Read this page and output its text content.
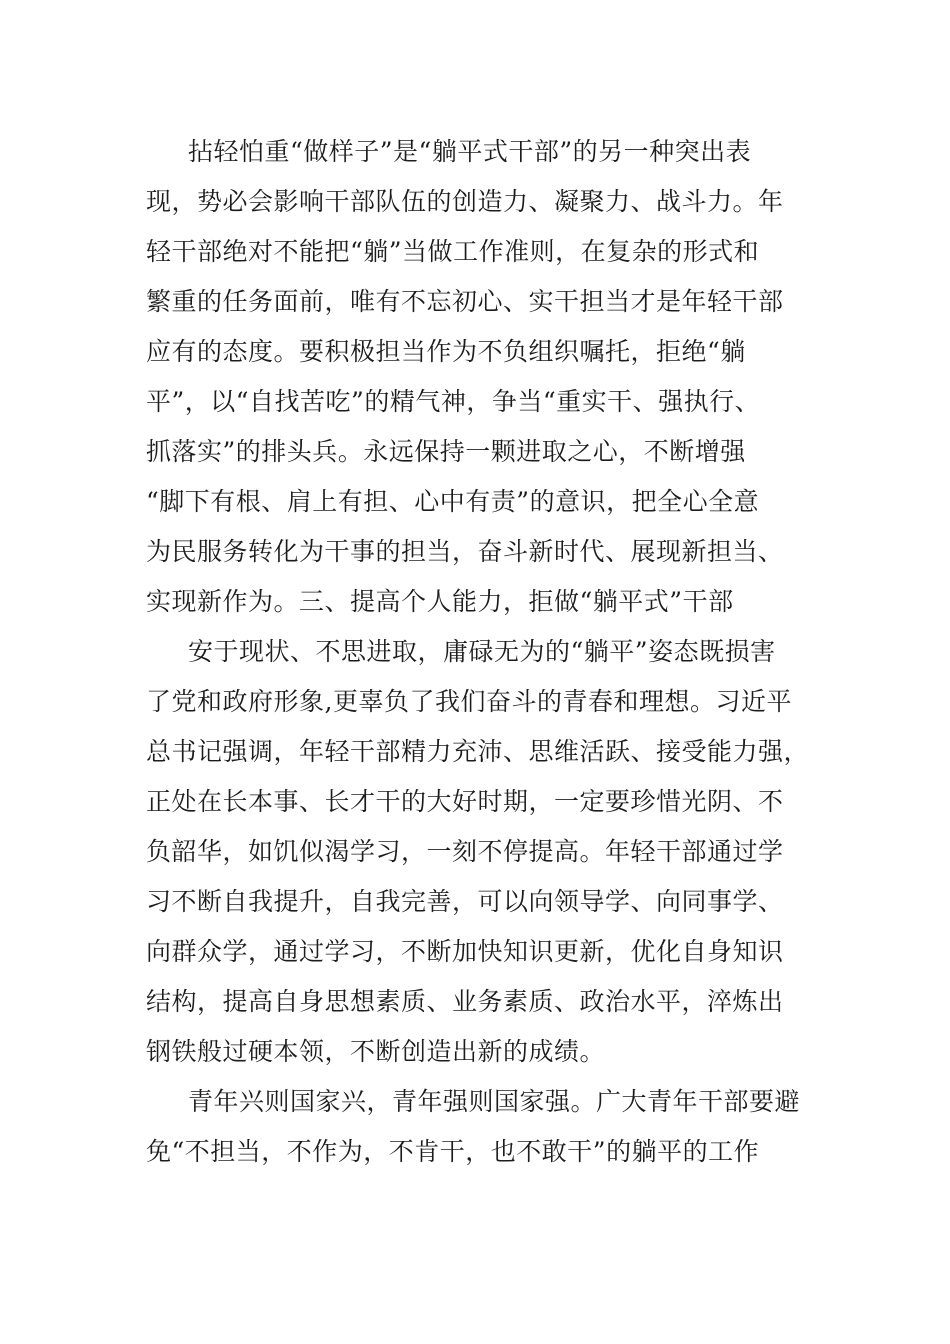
拈轻怕重“做样子”是“躺平式干部”的另一种突出表
现，势必会影响干部队伍的创造力、凝聚力、战斗力。年
轻干部绝对不能把“躺”当做工作准则，在复杂的形式和
繁重的任务面前，唯有不忘初心、实干担当才是年轻干部
应有的态度。要积极担当作为不负组织嘱托，拒绝“躺
平”，以“自找苦吃”的精气神，争当“重实干、强执行、
抓落实”的排头兵。永远保持一颗进取之心，不断增强
“脚下有根、肩上有担、心中有责”的意识，把全心全意
为民服务转化为干事的担当，奋斗新时代、展现新担当、
实现新作为。三、提高个人能力，拒做“躺平式”干部
安于现状、不思进取，庸碌无为的“躺平”姿态既损害
了党和政府形象,更辜负了我们奋斗的青春和理想。习近平
总书记强调，年轻干部精力充沛、思维活跃、接受能力强，
正处在长本事、长才干的大好时期，一定要珍惜光阴、不
负韶华，如饥似渴学习，一刻不停提高。年轻干部通过学
习不断自我提升，自我完善，可以向领导学、向同事学、
向群众学，通过学习，不断加快知识更新，优化自身知识
结构，提高自身思想素质、业务素质、政治水平，淬炼出
钢铁般过硬本领，不断创造出新的成绩。
青年兴则国家兴，青年强则国家强。广大青年干部要避
免“不担当，不作为，不肯干，也不敢干”的躺平的工作
